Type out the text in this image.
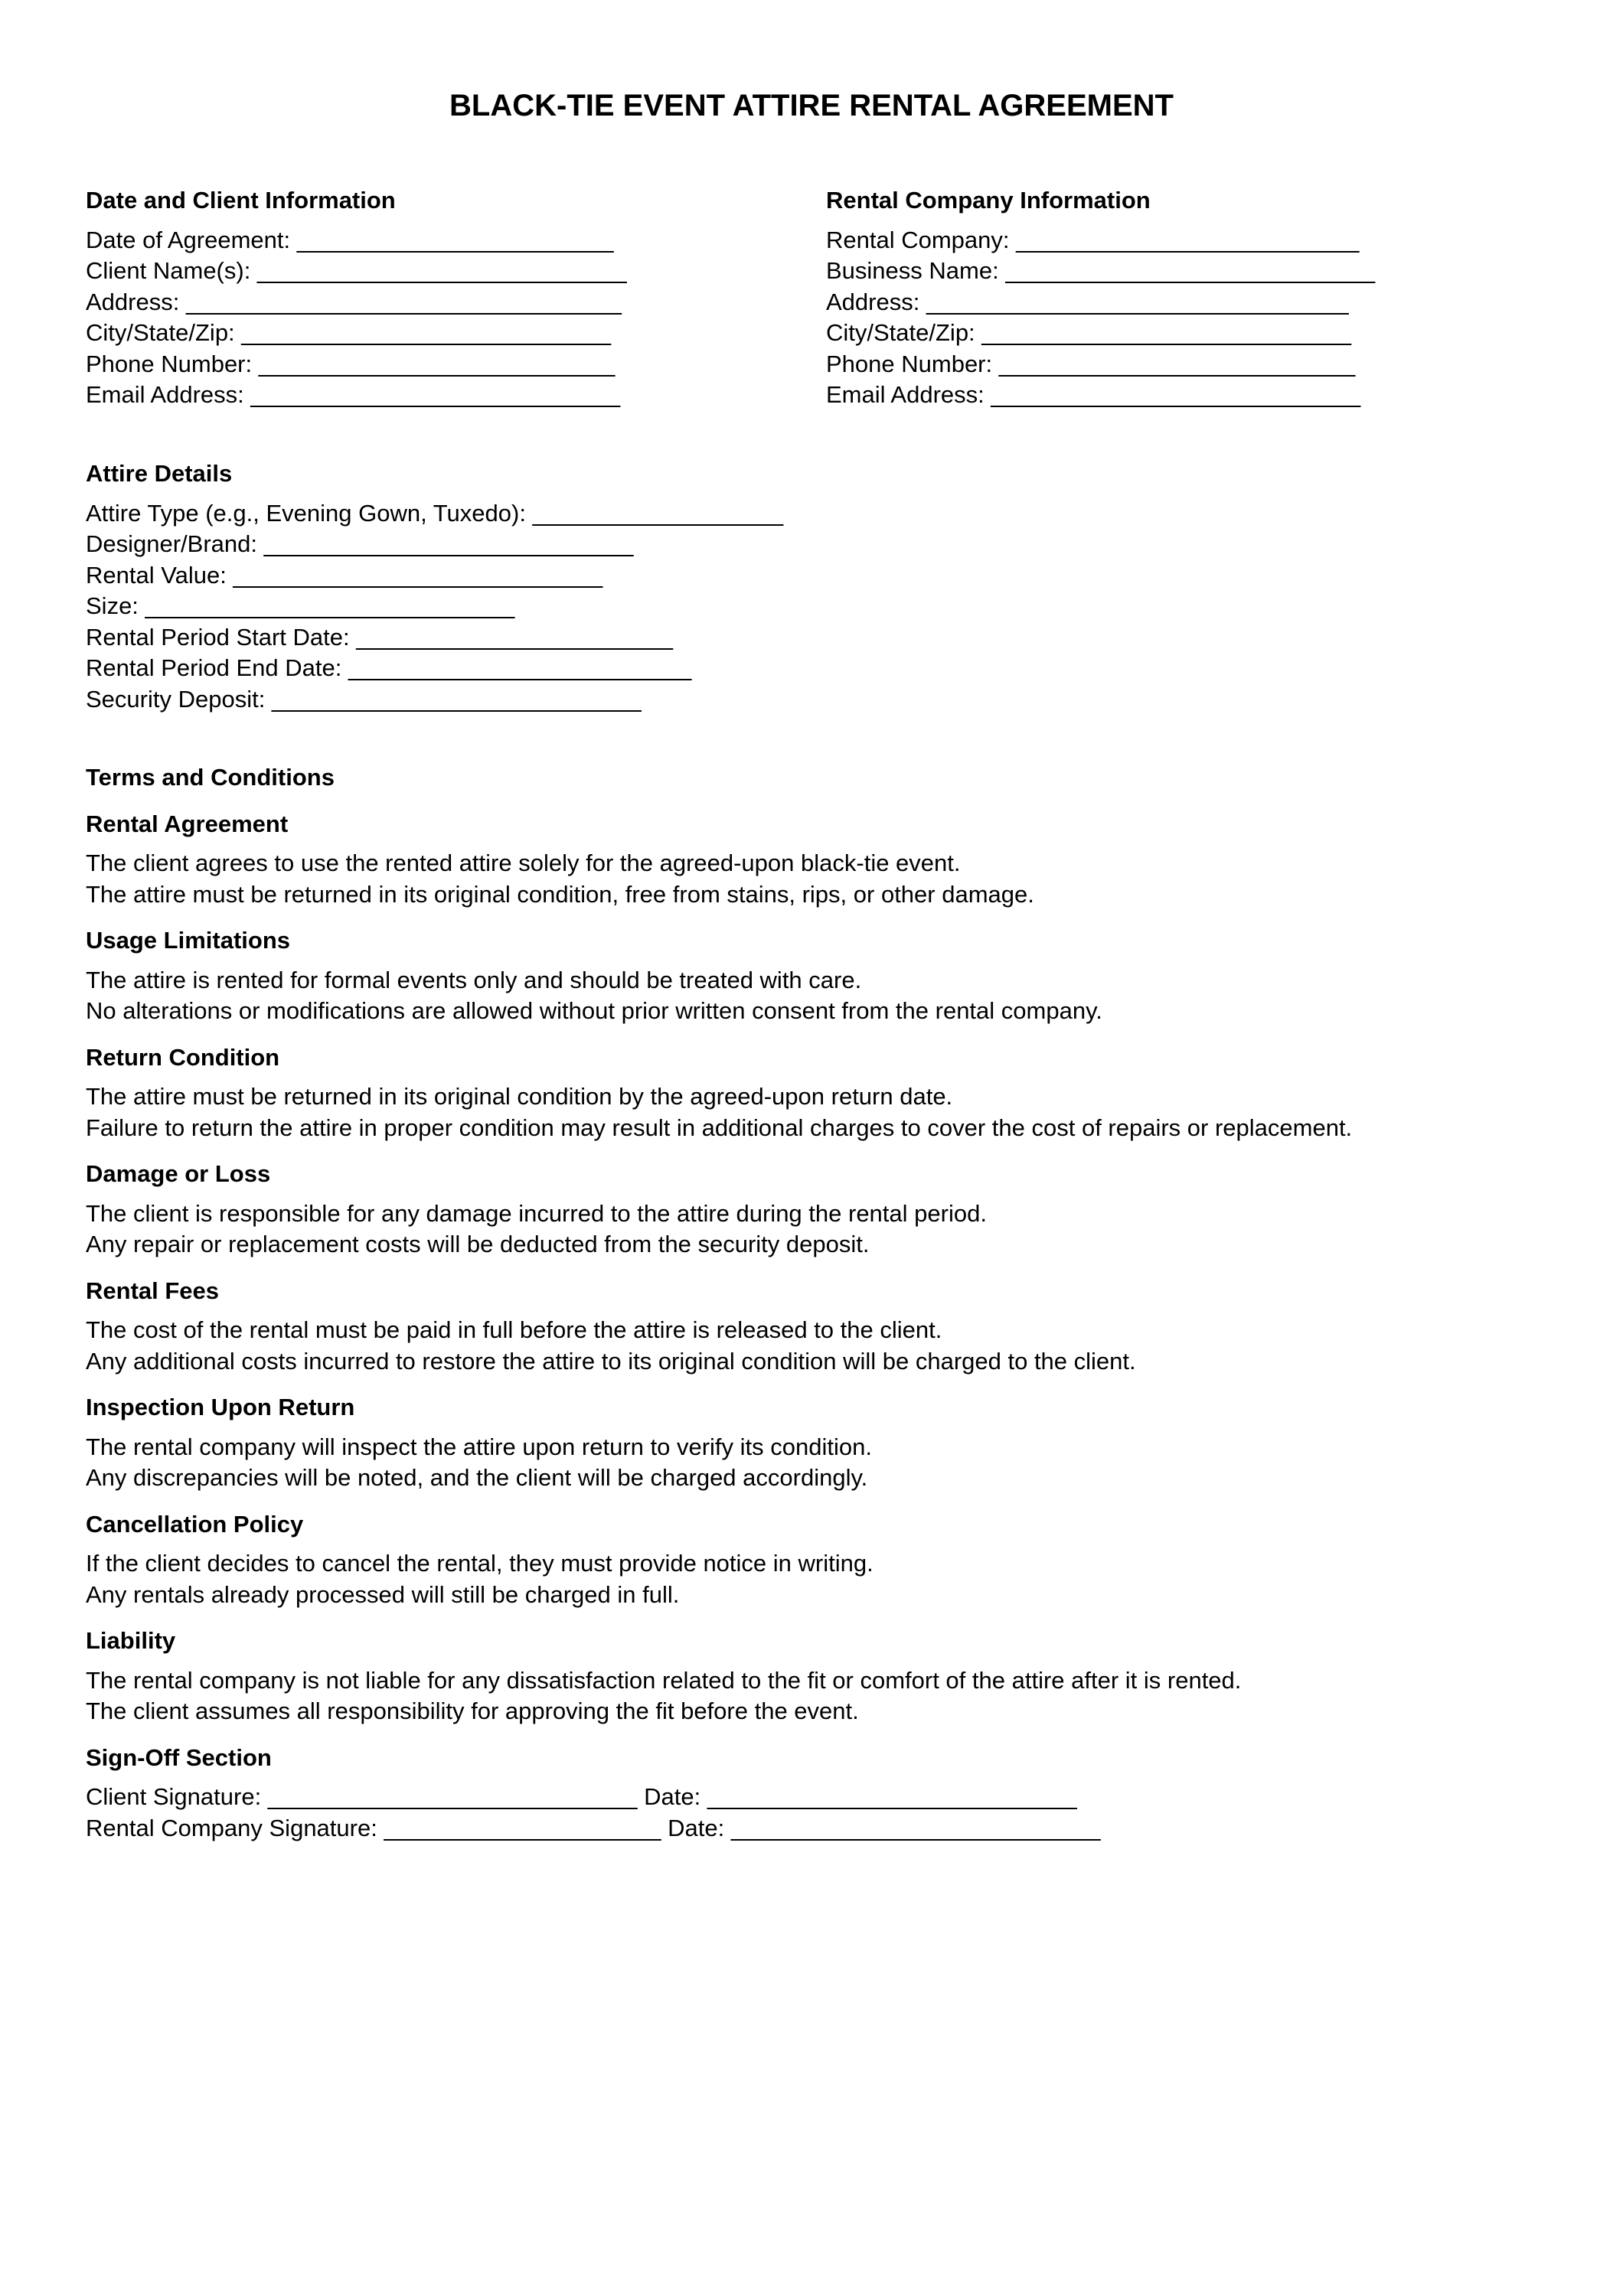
BLACK-TIE EVENT ATTIRE RENTAL AGREEMENT
Date and Client Information
Date of Agreement: ________________________
Client Name(s): ____________________________
Address: _________________________________
City/State/Zip: ____________________________
Phone Number: ___________________________
Email Address: ____________________________
Rental Company Information
Rental Company: __________________________
Business Name: ____________________________
Address: ________________________________
City/State/Zip: ____________________________
Phone Number: ___________________________
Email Address: ____________________________
Attire Details
Attire Type (e.g., Evening Gown, Tuxedo): ___________________
Designer/Brand: ____________________________
Rental Value: ____________________________
Size: ____________________________
Rental Period Start Date: ________________________
Rental Period End Date: __________________________
Security Deposit: ____________________________
Terms and Conditions
Rental Agreement
The client agrees to use the rented attire solely for the agreed-upon black-tie event.
The attire must be returned in its original condition, free from stains, rips, or other damage.
Usage Limitations
The attire is rented for formal events only and should be treated with care.
No alterations or modifications are allowed without prior written consent from the rental company.
Return Condition
The attire must be returned in its original condition by the agreed-upon return date.
Failure to return the attire in proper condition may result in additional charges to cover the cost of repairs or replacement.
Damage or Loss
The client is responsible for any damage incurred to the attire during the rental period.
Any repair or replacement costs will be deducted from the security deposit.
Rental Fees
The cost of the rental must be paid in full before the attire is released to the client.
Any additional costs incurred to restore the attire to its original condition will be charged to the client.
Inspection Upon Return
The rental company will inspect the attire upon return to verify its condition.
Any discrepancies will be noted, and the client will be charged accordingly.
Cancellation Policy
If the client decides to cancel the rental, they must provide notice in writing.
Any rentals already processed will still be charged in full.
Liability
The rental company is not liable for any dissatisfaction related to the fit or comfort of the attire after it is rented.
The client assumes all responsibility for approving the fit before the event.
Sign-Off Section
Client Signature: ____________________________ Date: ____________________________
Rental Company Signature: _____________________ Date: ____________________________
